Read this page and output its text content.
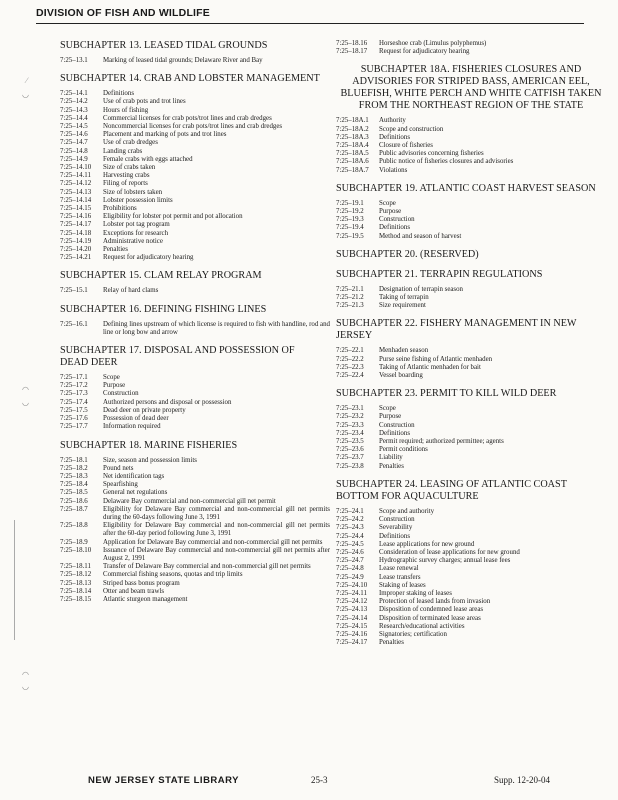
DIVISION OF FISH AND WILDLIFE
⁄
◡
◠
◡
◠
◡
SUBCHAPTER 13. LEASED TIDAL GROUNDS
7:25–13.1	Marking of leased tidal grounds; Delaware River and Bay
SUBCHAPTER 14. CRAB AND LOBSTER MANAGEMENT
7:25–14.1	Definitions
7:25–14.2	Use of crab pots and trot lines
7:25–14.3	Hours of fishing
7:25–14.4	Commercial licenses for crab pots/trot lines and crab dredges
7:25–14.5	Noncommercial licenses for crab pots/trot lines and crab dredges
7:25–14.6	Placement and marking of pots and trot lines
7:25–14.7	Use of crab dredges
7:25–14.8	Landing crabs
7:25–14.9	Female crabs with eggs attached
7:25–14.10	Size of crabs taken
7:25–14.11	Harvesting crabs
7:25–14.12	Filing of reports
7:25–14.13	Size of lobsters taken
7:25–14.14	Lobster possession limits
7:25–14.15	Prohibitions
7:25–14.16	Eligibility for lobster pot permit and pot allocation
7:25–14.17	Lobster pot tag program
7:25–14.18	Exceptions for research
7:25–14.19	Administrative notice
7:25–14.20	Penalties
7:25–14.21	Request for adjudicatory hearing
SUBCHAPTER 15. CLAM RELAY PROGRAM
7:25–15.1	Relay of hard clams
SUBCHAPTER 16. DEFINING FISHING LINES
7:25–16.1	Defining lines upstream of which license is required to fish with handline, rod and line or long bow and arrow
SUBCHAPTER 17. DISPOSAL AND POSSESSION OF DEAD DEER
7:25–17.1	Scope
7:25–17.2	Purpose
7:25–17.3	Construction
7:25–17.4	Authorized persons and disposal or possession
7:25–17.5	Dead deer on private property
7:25–17.6	Possession of dead deer
7:25–17.7	Information required
SUBCHAPTER 18. MARINE FISHERIES
7:25–18.1	Size, season and possession limits
7:25–18.2	Pound nets
7:25–18.3	Net identification tags
7:25–18.4	Spearfishing
7:25–18.5	General net regulations
7:25–18.6	Delaware Bay commercial and non-commercial gill net permit
7:25–18.7	Eligibility for Delaware Bay commercial and non-commercial gill net permits during the 60-days following June 3, 1991
7:25–18.8	Eligibility for Delaware Bay commercial and non-commercial gill net permits after the 60-day period following June 3, 1991
7:25–18.9	Application for Delaware Bay commercial and non-commercial gill net permits
7:25–18.10	Issuance of Delaware Bay commercial and non-commercial gill net permits after August 2, 1991
7:25–18.11	Transfer of Delaware Bay commercial and non-commercial gill net permits
7:25–18.12	Commercial fishing seasons, quotas and trip limits
7:25–18.13	Striped bass bonus program
7:25–18.14	Otter and beam trawls
7:25–18.15	Atlantic sturgeon management
7:25–18.16	Horseshoe crab (Limulus polyphemus)
7:25–18.17	Request for adjudicatory hearing
SUBCHAPTER 18A. FISHERIES CLOSURES AND ADVISORIES FOR STRIPED BASS, AMERICAN EEL, BLUEFISH, WHITE PERCH AND WHITE CATFISH TAKEN FROM THE NORTHEAST REGION OF THE STATE
7:25–18A.1	Authority
7:25–18A.2	Scope and construction
7:25–18A.3	Definitions
7:25–18A.4	Closure of fisheries
7:25–18A.5	Public advisories concerning fisheries
7:25–18A.6	Public notice of fisheries closures and advisories
7:25–18A.7	Violations
SUBCHAPTER 19. ATLANTIC COAST HARVEST SEASON
7:25–19.1	Scope
7:25–19.2	Purpose
7:25–19.3	Construction
7:25–19.4	Definitions
7:25–19.5	Method and season of harvest
SUBCHAPTER 20. (RESERVED)
SUBCHAPTER 21. TERRAPIN REGULATIONS
7:25–21.1	Designation of terrapin season
7:25–21.2	Taking of terrapin
7:25–21.3	Size requirement
SUBCHAPTER 22. FISHERY MANAGEMENT IN NEW JERSEY
7:25–22.1	Menhaden season
7:25–22.2	Purse seine fishing of Atlantic menhaden
7:25–22.3	Taking of Atlantic menhaden for bait
7:25–22.4	Vessel boarding
SUBCHAPTER 23. PERMIT TO KILL WILD DEER
7:25–23.1	Scope
7:25–23.2	Purpose
7:25–23.3	Construction
7:25–23.4	Definitions
7:25–23.5	Permit required; authorized permittee; agents
7:25–23.6	Permit conditions
7:25–23.7	Liability
7:25–23.8	Penalties
SUBCHAPTER 24. LEASING OF ATLANTIC COAST BOTTOM FOR AQUACULTURE
7:25–24.1	Scope and authority
7:25–24.2	Construction
7:25–24.3	Severability
7:25–24.4	Definitions
7:25–24.5	Lease applications for new ground
7:25–24.6	Consideration of lease applications for new ground
7:25–24.7	Hydrographic survey charges; annual lease fees
7:25–24.8	Lease renewal
7:25–24.9	Lease transfers
7:25–24.10	Staking of leases
7:25–24.11	Improper staking of leases
7:25–24.12	Protection of leased lands from invasion
7:25–24.13	Disposition of condemned lease areas
7:25–24.14	Disposition of terminated lease areas
7:25–24.15	Research/educational activities
7:25–24.16	Signatories; certification
7:25–24.17	Penalties
NEW JERSEY STATE LIBRARY	25-3	Supp. 12-20-04
